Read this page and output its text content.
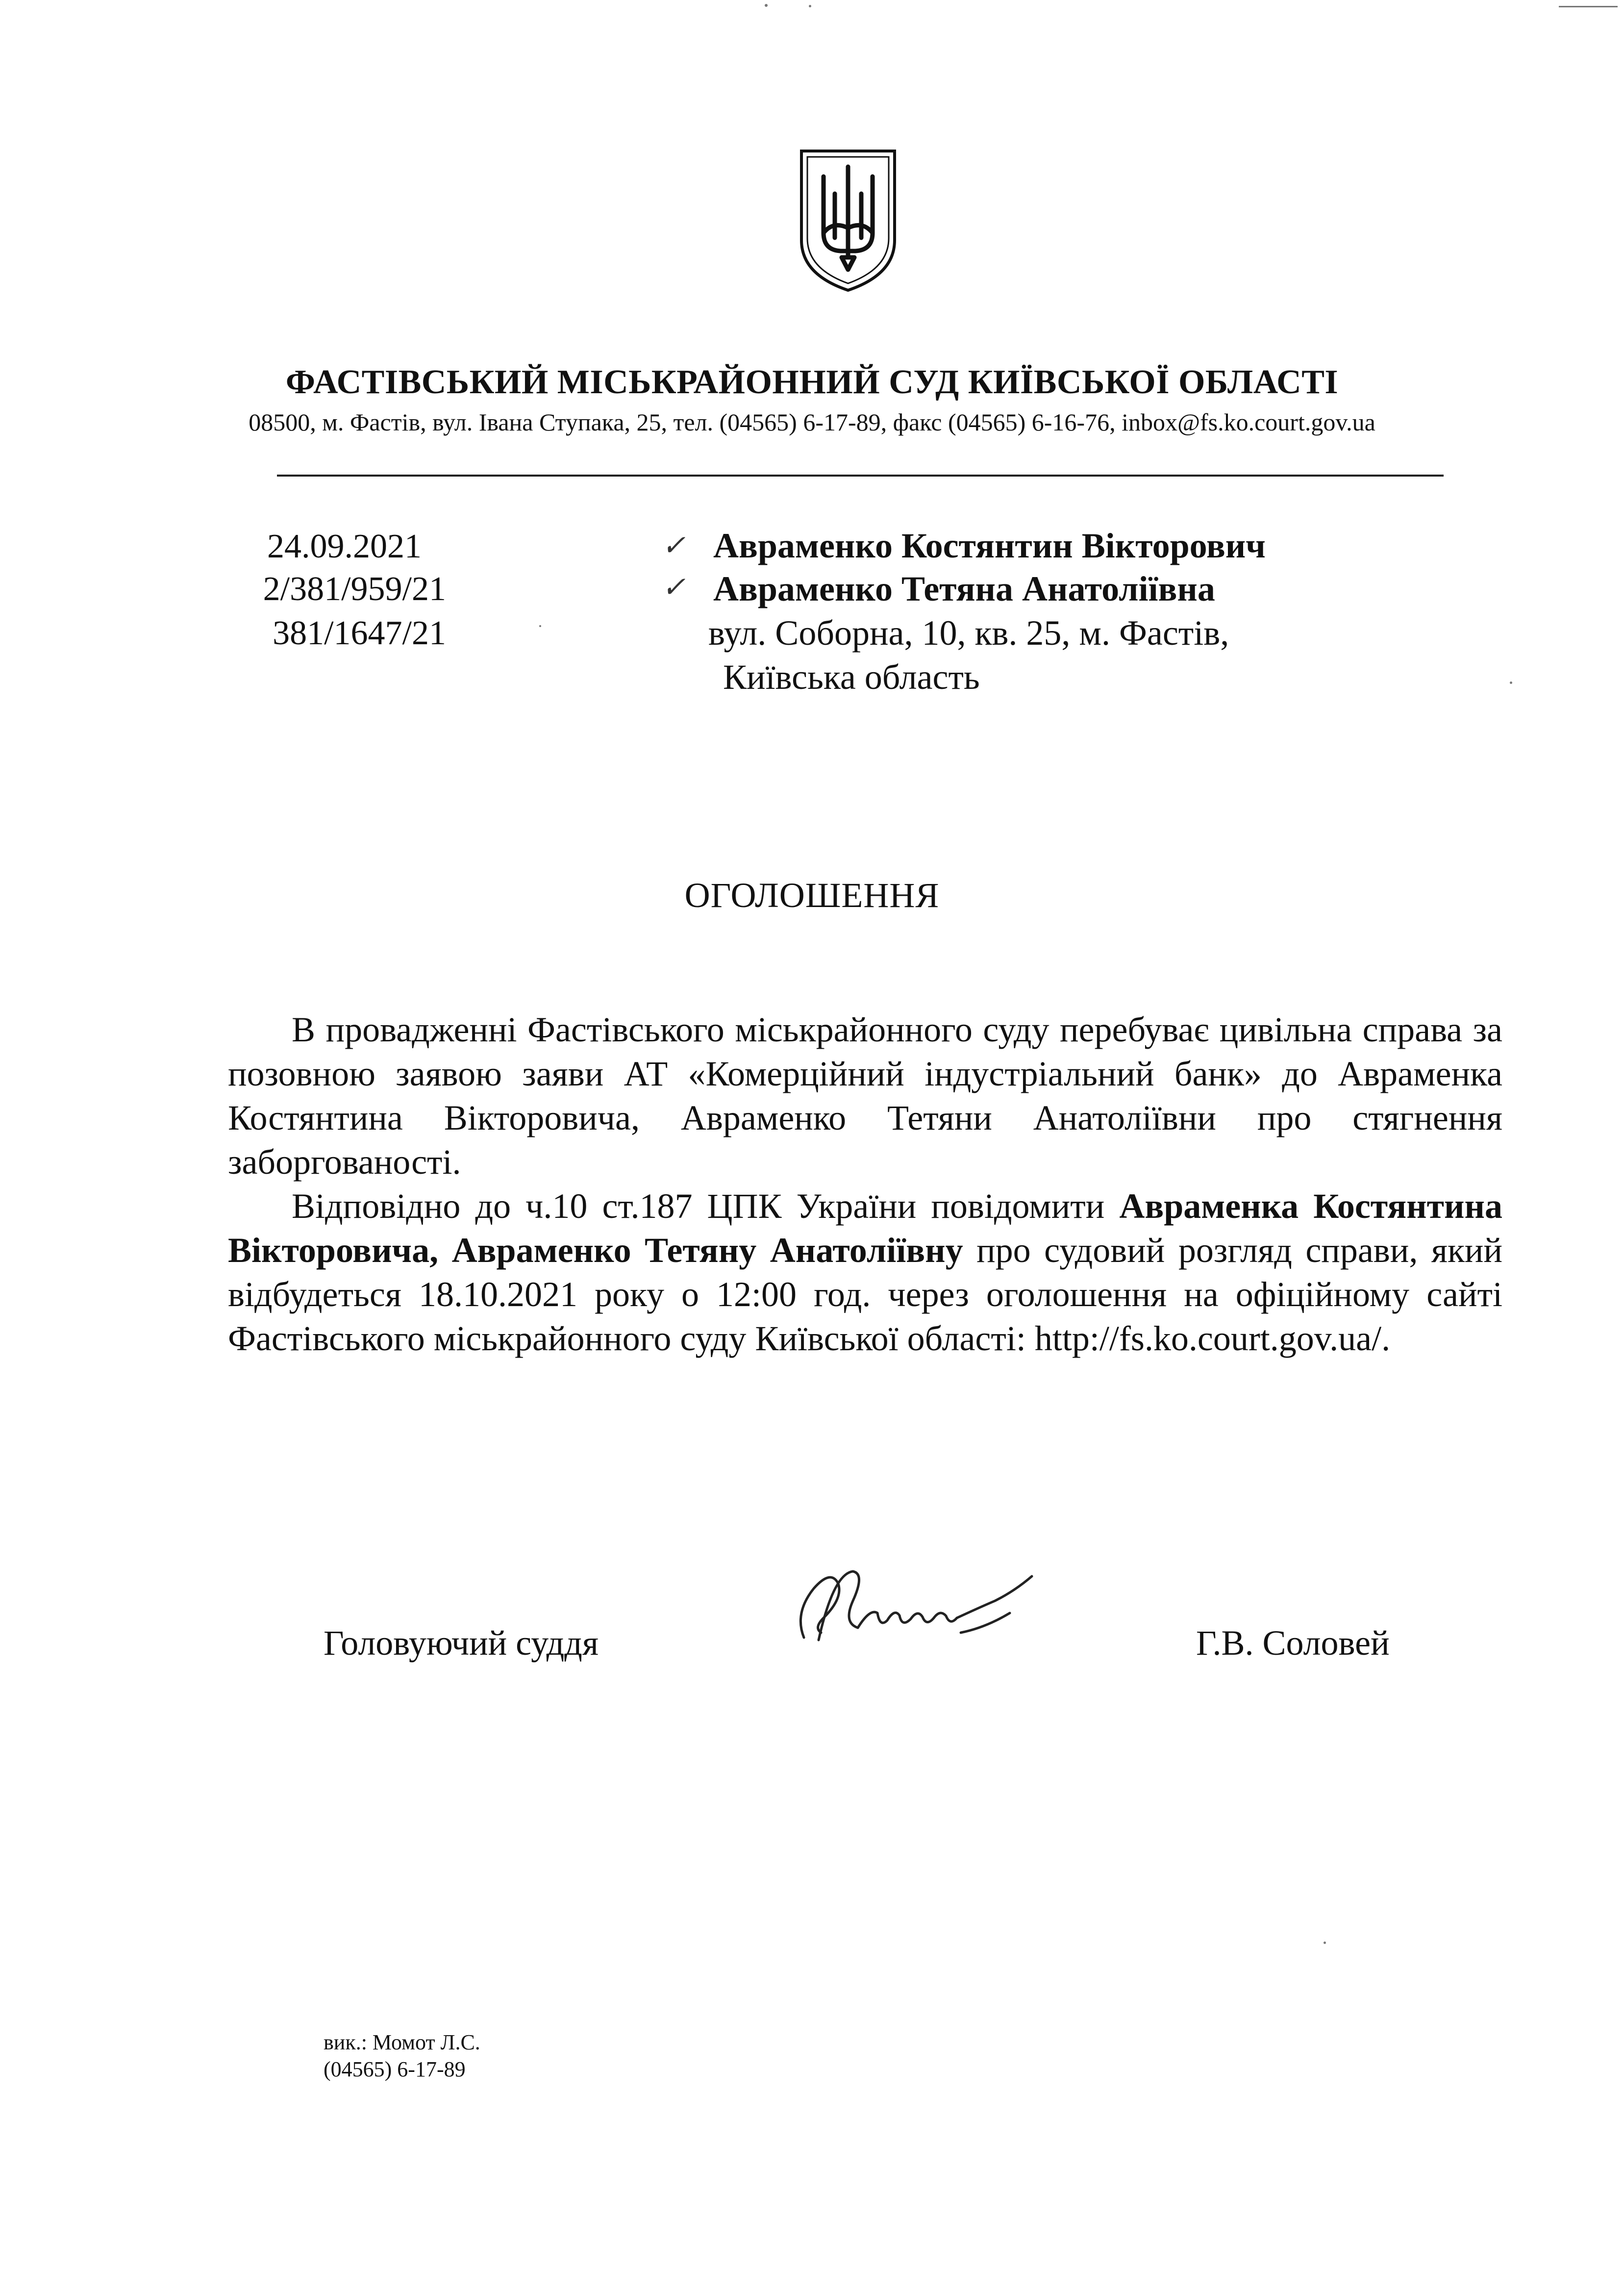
ФАСТІВСЬКИЙ МІСЬКРАЙОННИЙ СУД КИЇВСЬКОЇ ОБЛАСТІ
08500, м. Фастів, вул. Івана Ступака, 25, тел. (04565) 6-17-89, факс (04565) 6-16-76, inbox@fs.ko.court.gov.ua
24.09.2021
2/381/959/21
381/1647/21
✓
✓
Авраменко Костянтин Вікторович
Авраменко Тетяна Анатоліївна
вул. Соборна, 10, кв. 25, м. Фастів,
Київська область
ОГОЛОШЕННЯ

В провадженні Фастівського міськрайонного суду перебуває цивільна справа за позовною заявою заяви АТ «Комерційний індустріальний банк» до Авраменка Костянтина Вікторовича, Авраменко Тетяни Анатоліївни про стягнення заборгованості.

Відповідно до ч.10 ст.187 ЦПК України повідомити Авраменка Костянтина Вікторовича, Авраменко Тетяну Анатоліївну про судовий розгляд справи, який відбудеться 18.10.2021 року о 12:00 год. через оголошення на офіційному сайті Фастівського міськрайонного суду Київської області: http://fs.ko.court.gov.ua/.

Головуючий суддя	Г.В. Соловей
вик.: Момот Л.С.
(04565) 6-17-89
